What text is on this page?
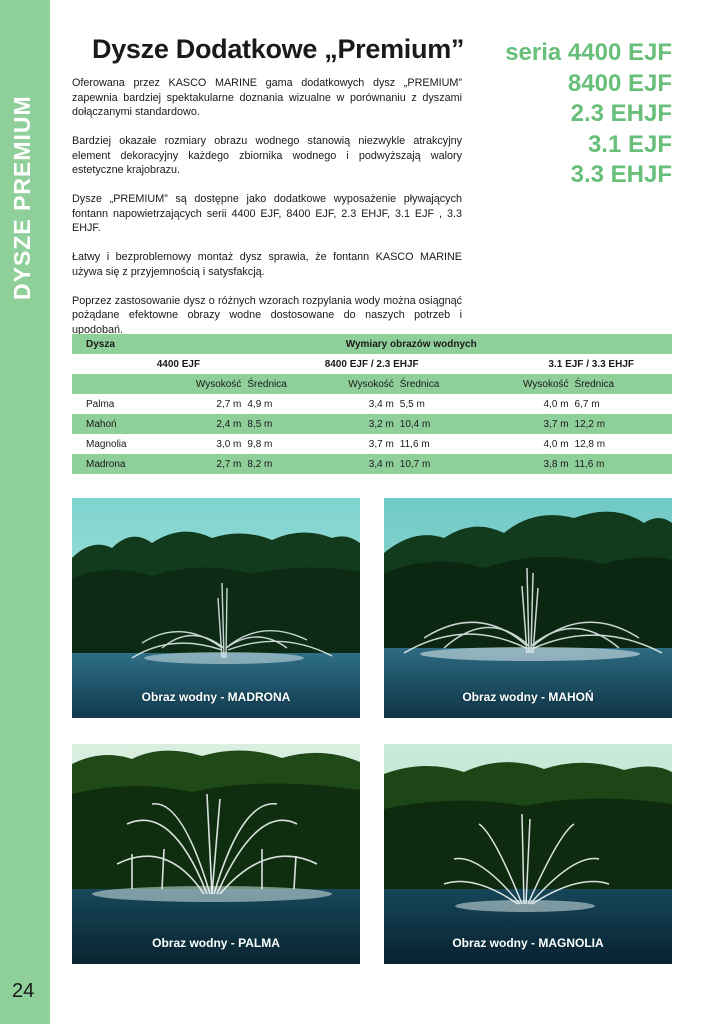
DYSZE PREMIUM
24
Dysze Dodatkowe „Premium” seria 4400 EJF
8400 EJF
2.3 EHJF
3.1 EJF
3.3 EHJF

Oferowana przez KASCO MARINE gama dodatkowych dysz „PREMIUM” zapewnia bardziej spektakularne doznania wizualne w porównaniu z dyszami dołączanymi standardowo.

Bardziej okazałe rozmiary obrazu wodnego stanowią niezwykle atrakcyjny element dekoracyjny każdego zbiornika wodnego i podwyższają walory estetyczne krajobrazu.

Dysze „PREMIUM” są dostępne jako dodatkowe wyposażenie pływających fontann napowietrzających serii 4400 EJF, 8400 EJF, 2.3 EHJF, 3.1 EJF , 3.3 EHJF.

Łatwy i bezproblemowy montaż dysz sprawia, że fontann KASCO MARINE używa się z przyjemnością i satysfakcją.

Poprzez zastosowanie dysz o różnych wzorach rozpylania wody można osiągnąć pożądane efektowne obrazy wodne dostosowane do naszych potrzeb i upodobań.

Dysza	Wymiary obrazów wodnych					
	4400 EJF		8400 EJF / 2.3 EHJF		3.1 EJF / 3.3 EHJF	
	Wysokość	Średnica	Wysokość	Średnica	Wysokość	Średnica
Palma	2,7 m	4,9 m	3,4 m	5,5 m	4,0 m	6,7 m
Mahoń	2,4 m	8,5 m	3,2 m	10,4 m	3,7 m	12,2 m
Magnolia	3,0 m	9,8 m	3,7 m	11,6 m	4,0 m	12,8 m
Madrona	2,7 m	8,2 m	3,4 m	10,7 m	3,8 m	11,6 m
Obraz wodny - MADRONA	Obraz wodny - MAHOŃ
Obraz wodny - PALMA	Obraz wodny - MAGNOLIA
